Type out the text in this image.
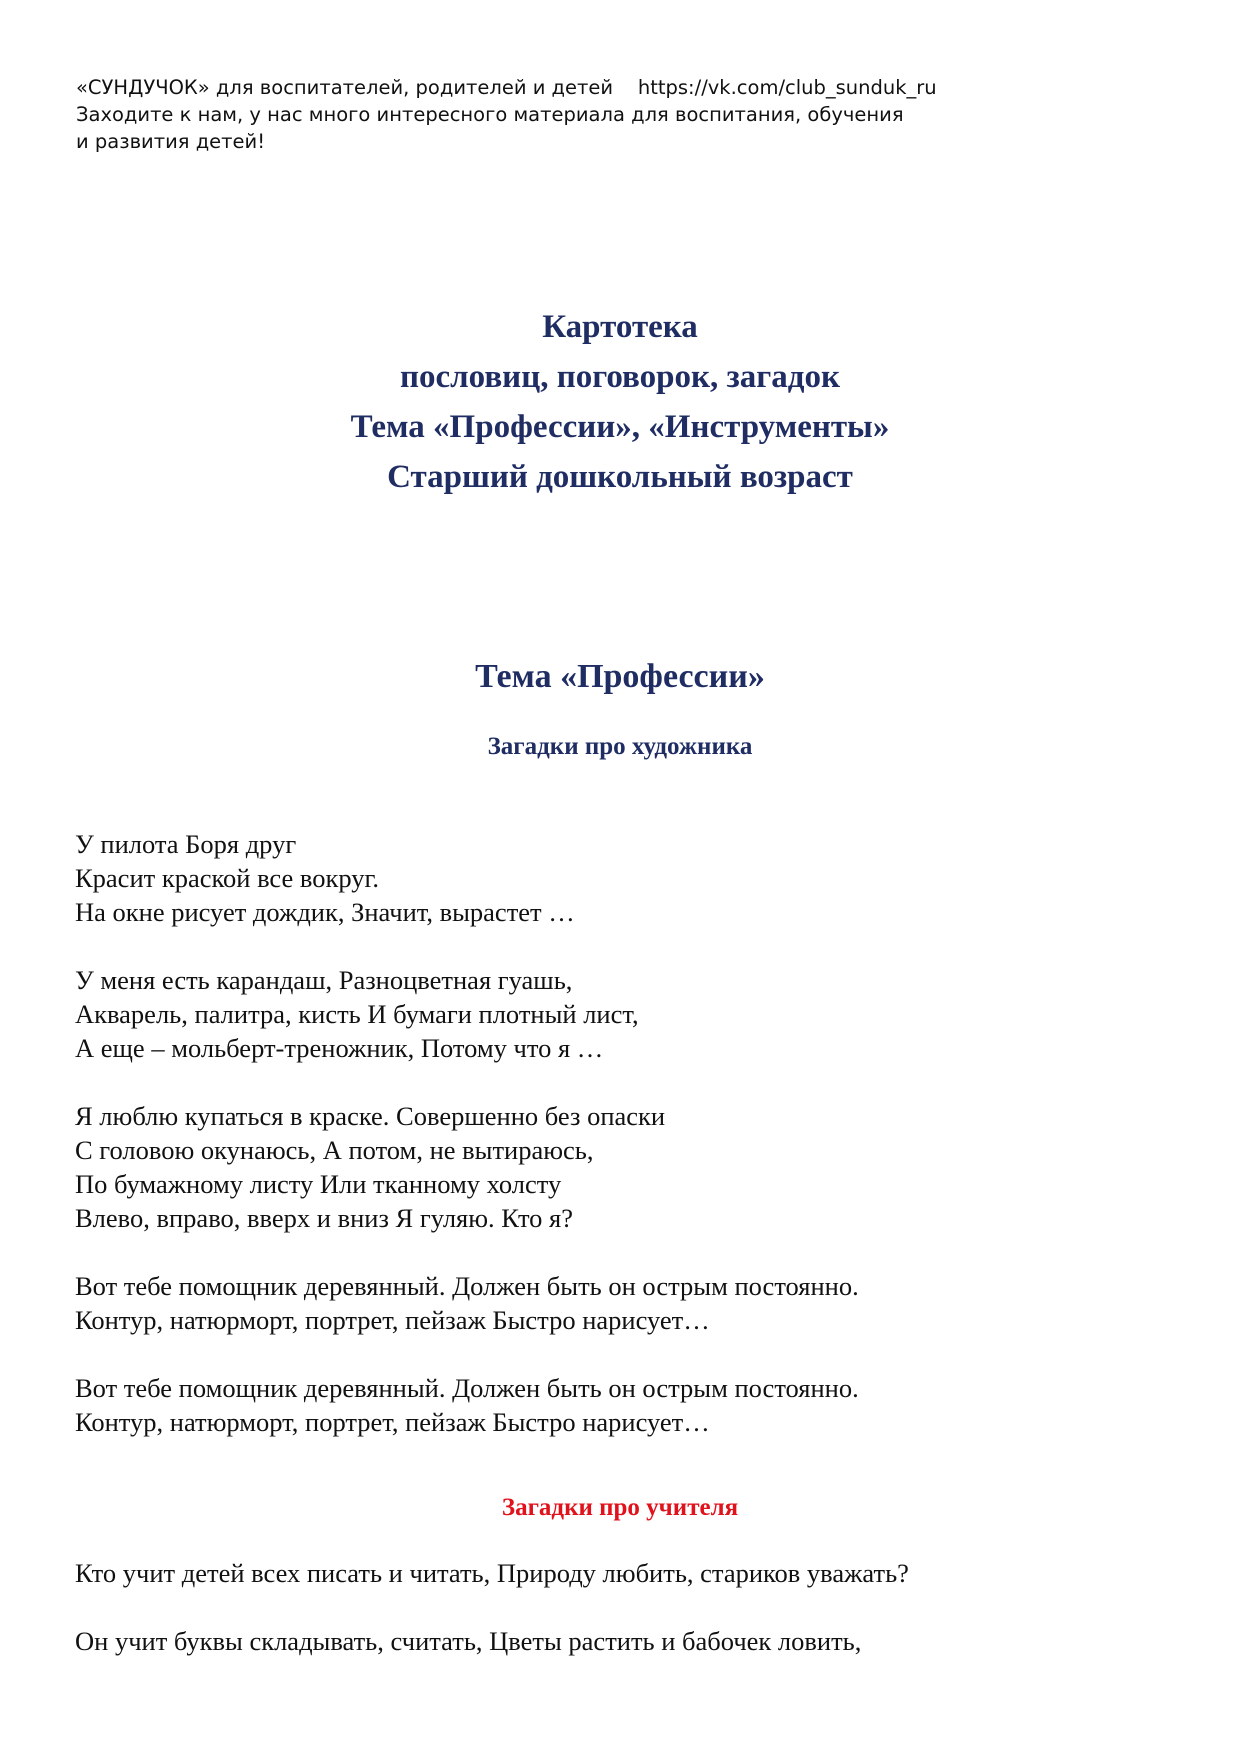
«СУНДУЧОК» для воспитателей, родителей и детей    https://vk.com/club_sunduk_ru
Заходите к нам, у нас много интересного материала для воспитания, обучения
и развития детей!
Картотека
пословиц, поговорок, загадок
Тема «Профессии», «Инструменты»
Старший дошкольный возраст
Тема «Профессии»
Загадки про художника
У пилота Боря друг
Красит краской все вокруг.
На окне рисует дождик, Значит, вырастет …
У меня есть карандаш, Разноцветная гуашь,
Акварель, палитра, кисть И бумаги плотный лист,
А еще – мольберт-треножник, Потому что я …
Я люблю купаться в краске. Совершенно без опаски
С головою окунаюсь, А потом, не вытираюсь,
По бумажному листу Или тканному холсту
Влево, вправо, вверх и вниз Я гуляю. Кто я?
Вот тебе помощник деревянный. Должен быть он острым постоянно.
Контур, натюрморт, портрет, пейзаж Быстро нарисует…
Вот тебе помощник деревянный. Должен быть он острым постоянно.
Контур, натюрморт, портрет, пейзаж Быстро нарисует…
Загадки про учителя
Кто учит детей всех писать и читать, Природу любить, стариков уважать?
Он учит буквы складывать, считать, Цветы растить и бабочек ловить,
